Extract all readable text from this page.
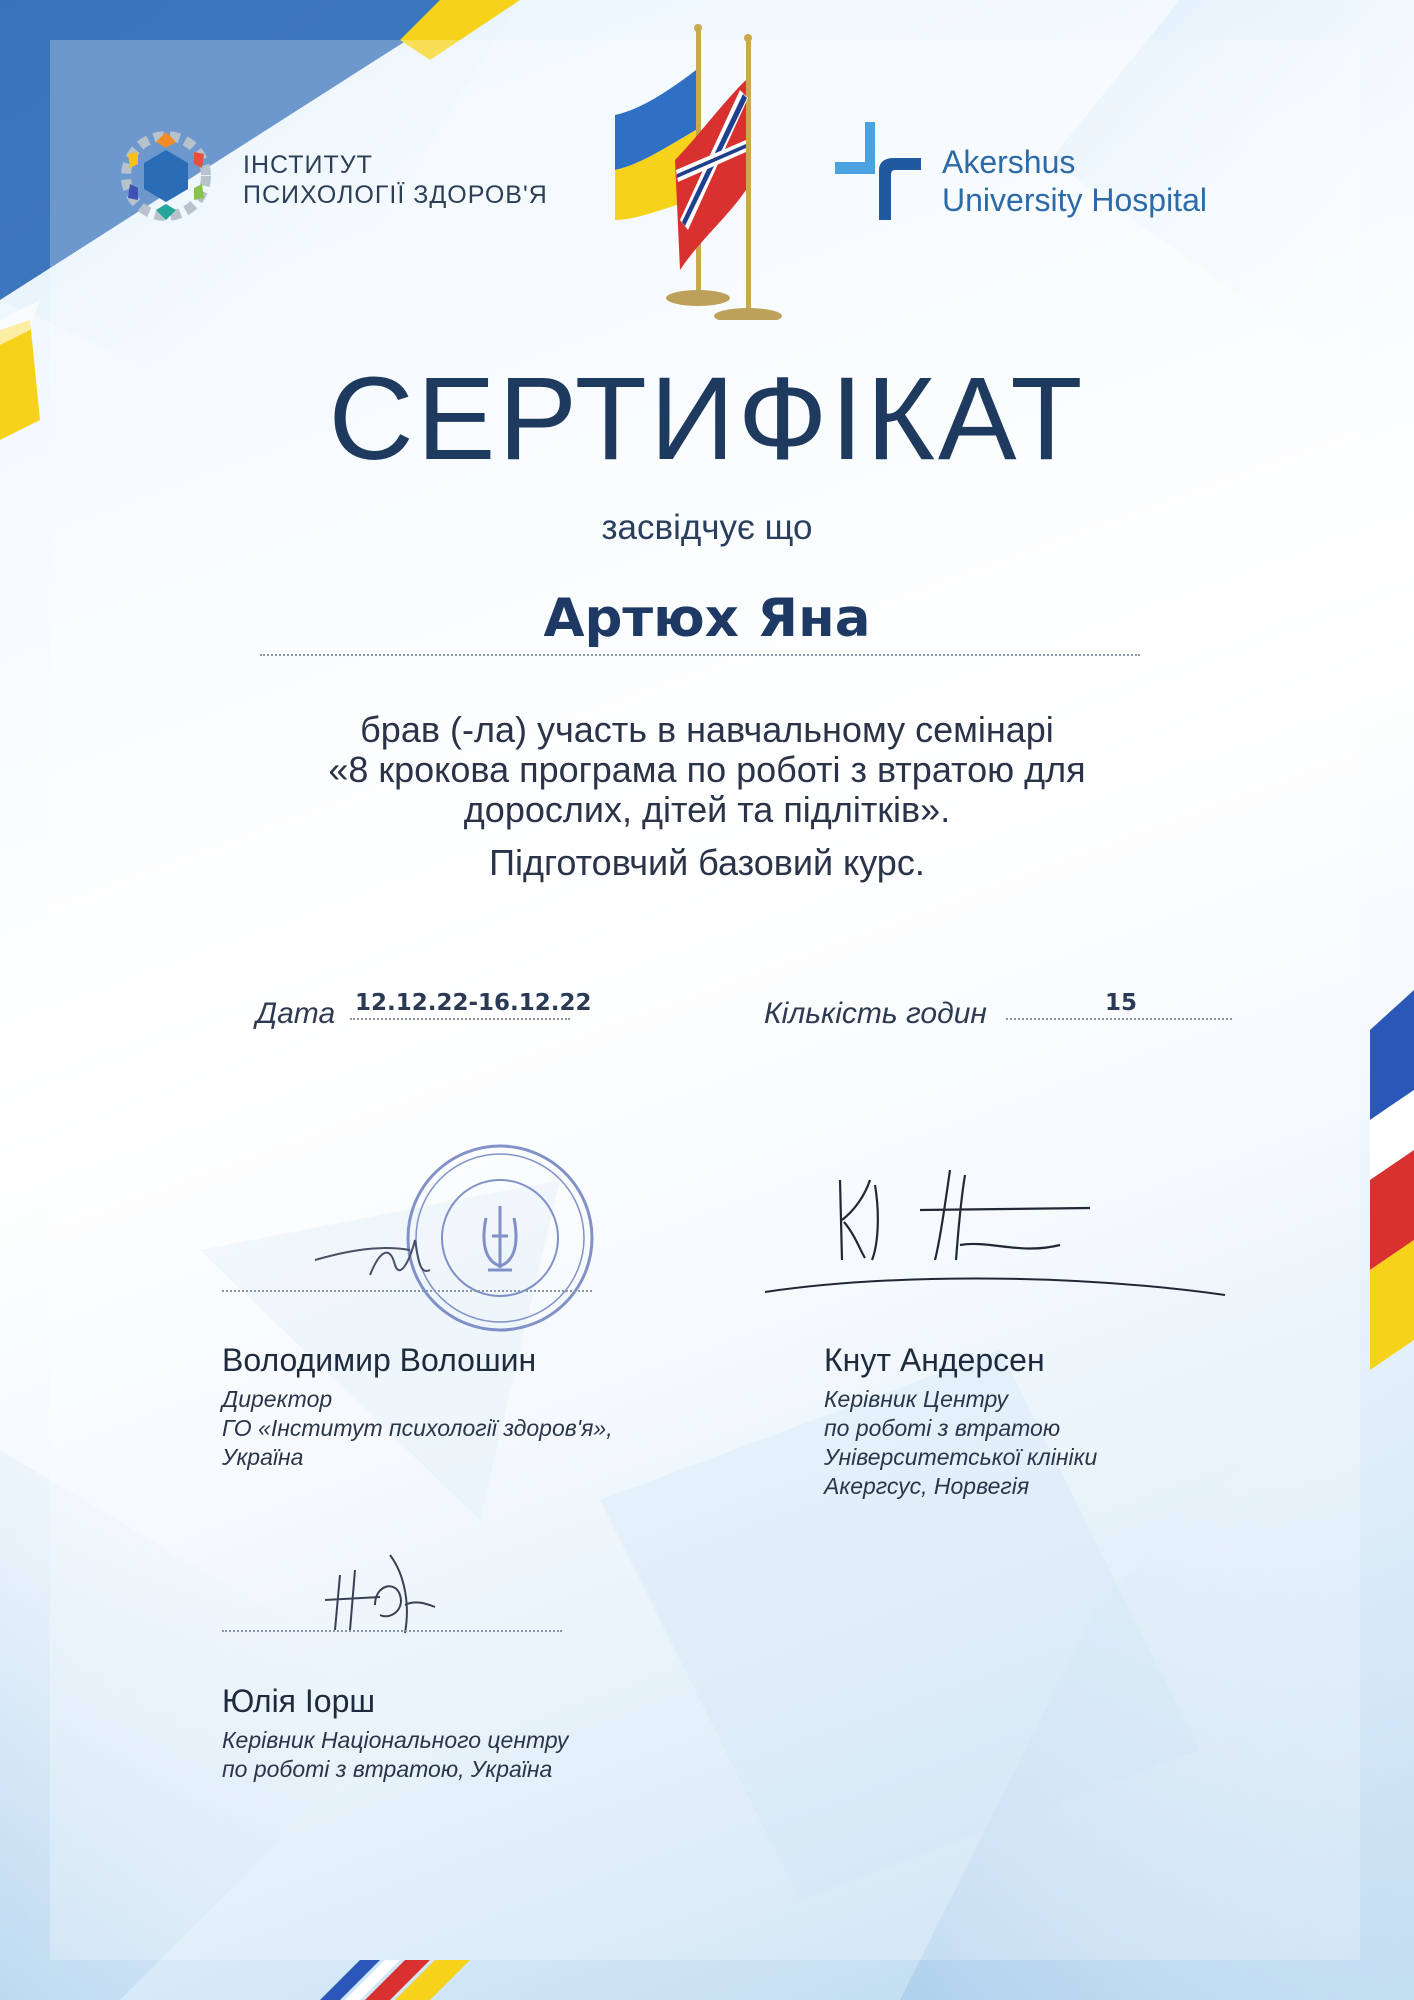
ІНСТИТУТ
ПСИХОЛОГІЇ ЗДОРОВ'Я
Akershus
University Hospital
СЕРТИФІКАТ
засвідчує що
Артюх Яна
брав (-ла) участь в навчальному семінарі
«8 крокова програма по роботі з втратою для
дорослих, дітей та підлітків».
Підготовчий базовий курс.
Дата 12.12.22-16.12.22	Кількість годин	15
Володимир Волошин
Директор
ГО «Інститут психології здоров'я»,
Україна
Кнут Андерсен
Керівник Центру
по роботі з втратою
Університетської клініки
Акергсус, Норвегія
Юлія Іорш
Керівник Національного центру
по роботі з втратою, Україна
